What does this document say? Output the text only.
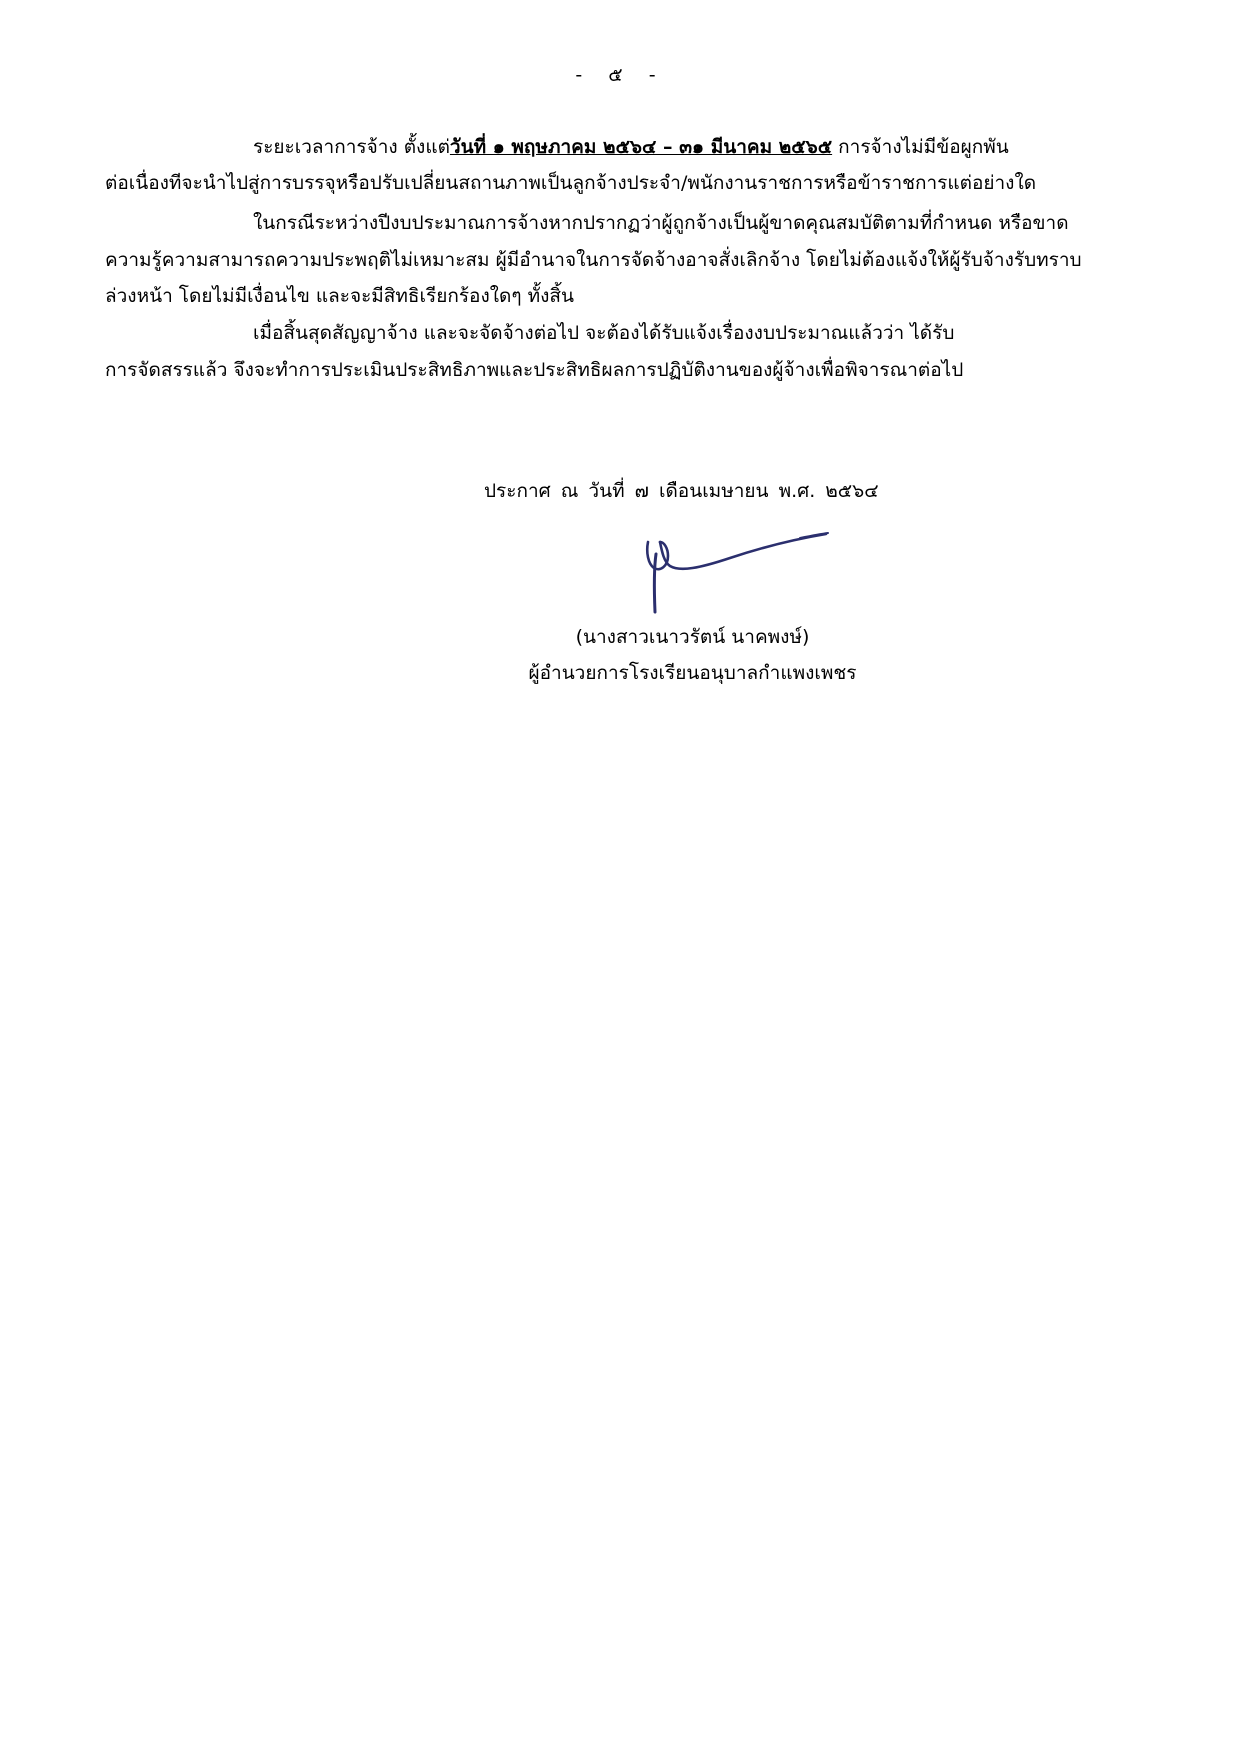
- ๕ -
ระยะเวลาการจ้าง ตั้งแต่วันที่ ๑ พฤษภาคม ๒๕๖๔ – ๓๑ มีนาคม ๒๕๖๕ การจ้างไม่มีข้อผูกพัน
ต่อเนื่องทีจะนำไปสู่การบรรจุหรือปรับเปลี่ยนสถานภาพเป็นลูกจ้างประจำ/พนักงานราชการหรือข้าราชการแต่อย่างใด
ในกรณีระหว่างปีงบประมาณการจ้างหากปรากฏว่าผู้ถูกจ้างเป็นผู้ขาดคุณสมบัติตามที่กำหนด หรือขาด
ความรู้ความสามารถความประพฤติไม่เหมาะสม ผู้มีอำนาจในการจัดจ้างอาจสั่งเลิกจ้าง โดยไม่ต้องแจ้งให้ผู้รับจ้างรับทราบ
ล่วงหน้า โดยไม่มีเงื่อนไข และจะมีสิทธิเรียกร้องใดๆ ทั้งสิ้น
เมื่อสิ้นสุดสัญญาจ้าง และจะจัดจ้างต่อไป จะต้องได้รับแจ้งเรื่องงบประมาณแล้วว่า ได้รับ
การจัดสรรแล้ว จึงจะทำการประเมินประสิทธิภาพและประสิทธิผลการปฏิบัติงานของผู้จ้างเพื่อพิจารณาต่อไป
ประกาศ ณ วันที่ ๗ เดือนเมษายน พ.ศ. ๒๕๖๔
(นางสาวเนาวรัตน์ นาคพงษ์)
ผู้อำนวยการโรงเรียนอนุบาลกำแพงเพชร
